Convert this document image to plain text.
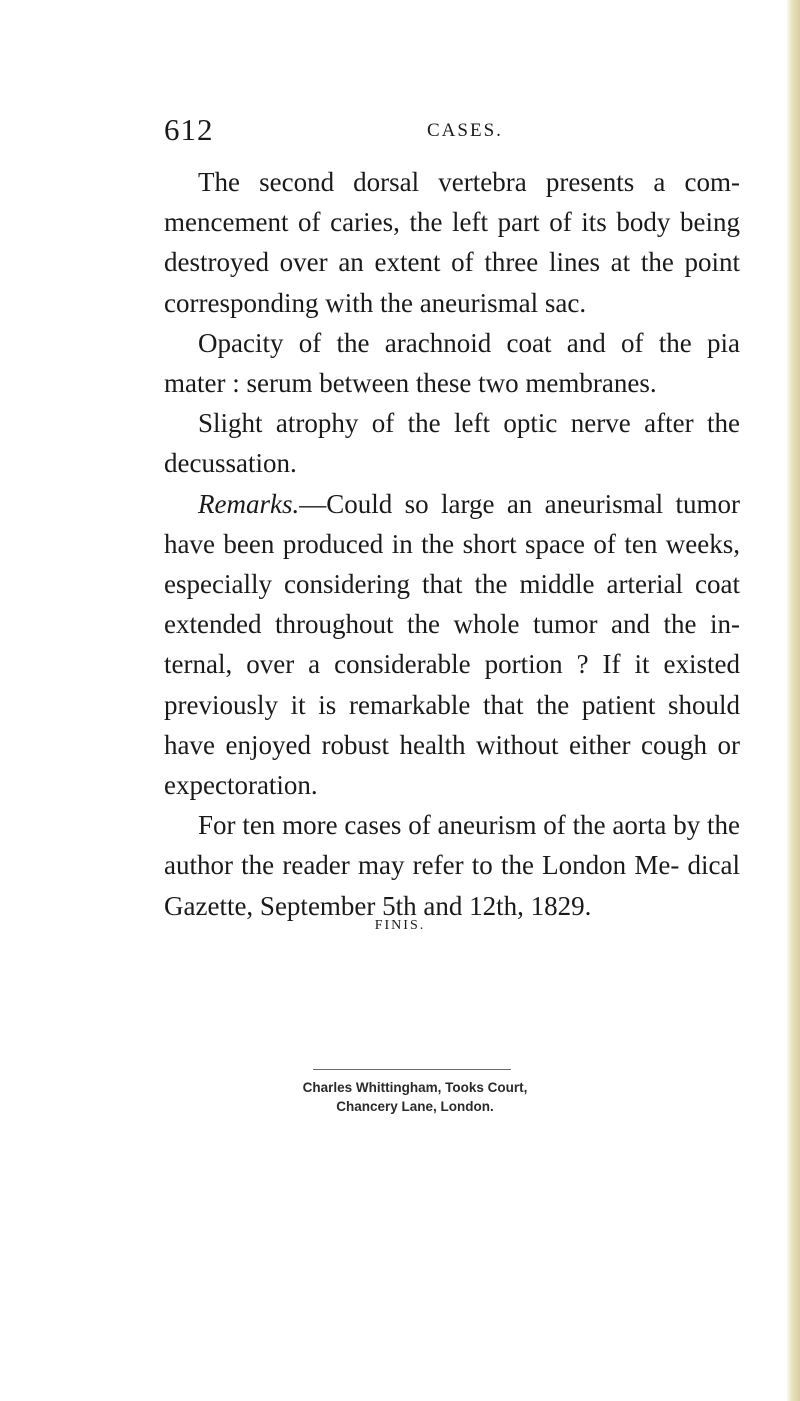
612	CASES.

The second dorsal vertebra presents a com- mencement of caries, the left part of its body being destroyed over an extent of three lines at the point corresponding with the aneurismal sac.

Opacity of the arachnoid coat and of the pia mater : serum between these two membranes.

Slight atrophy of the left optic nerve after the decussation.

Remarks.—Could so large an aneurismal tumor have been produced in the short space of ten weeks, especially considering that the middle arterial coat extended throughout the whole tumor and the in- ternal, over a considerable portion ? If it existed previously it is remarkable that the patient should have enjoyed robust health without either cough or expectoration.

For ten more cases of aneurism of the aorta by the author the reader may refer to the London Me- dical Gazette, September 5th and 12th, 1829.

FINIS.
Charles Whittingham, Tooks Court,
Chancery Lane, London.
